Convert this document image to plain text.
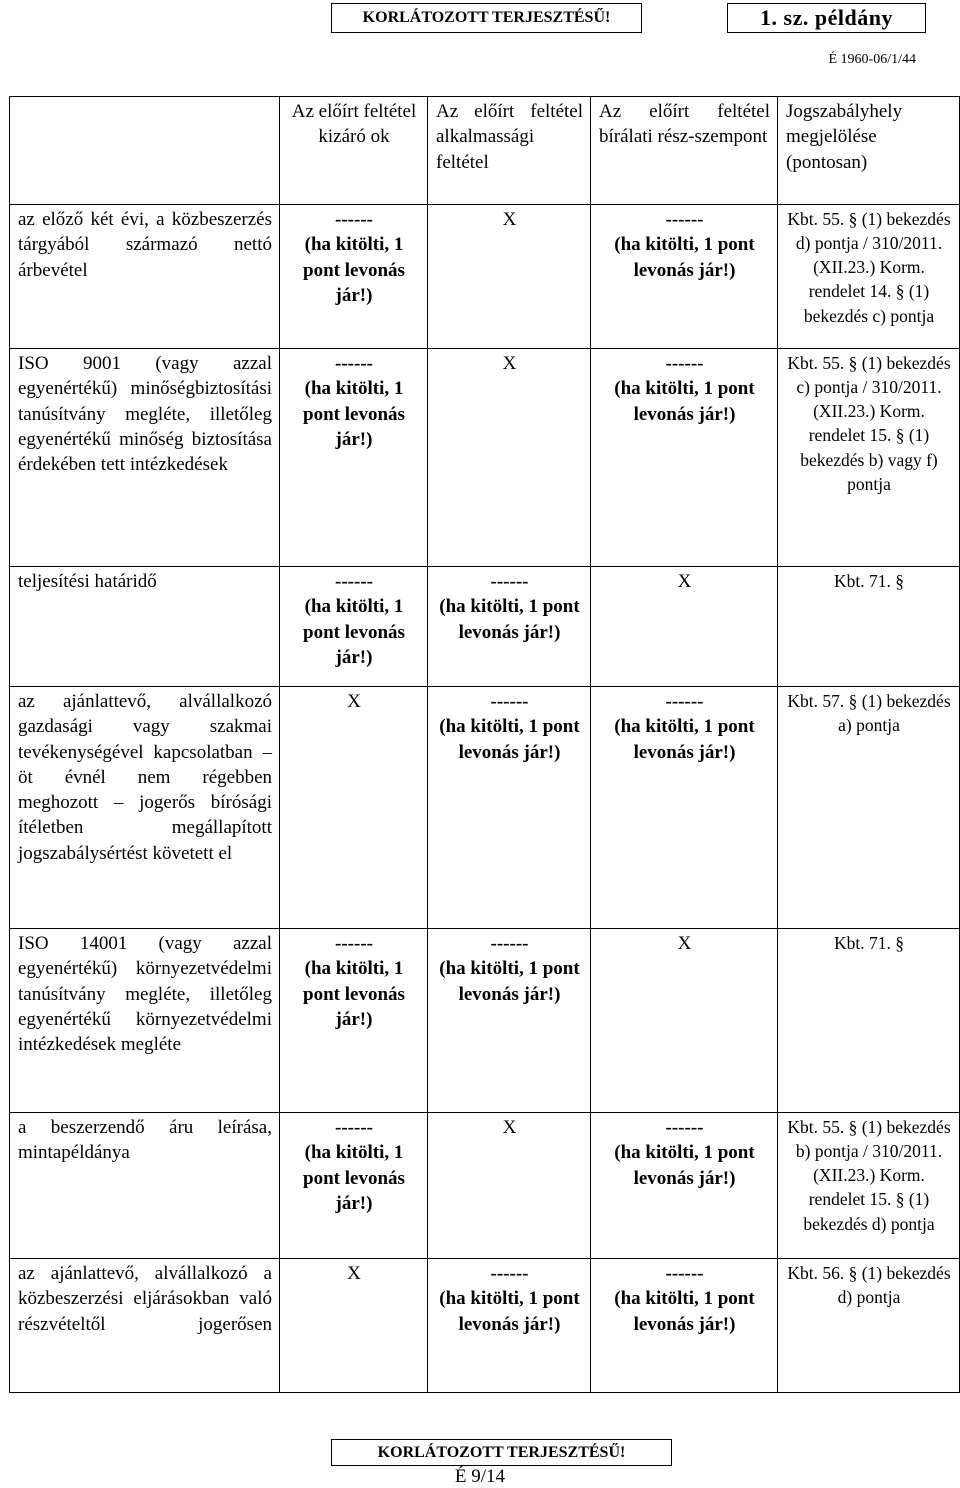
KORLÁTOZOTT TERJESZTÉSŰ!	1. sz. példány
É 1960-06/1/44
	Az előírt feltétel kizáró ok	Az előírt feltétel alkalmassági feltétel	Az előírt feltétel bírálati rész-szempont	Jogszabályhely megjelölése (pontosan)
az előző két évi, a közbeszerzés tárgyából származó nettó árbevétel	------
(ha kitölti, 1 pont levonás jár!)	X	------
(ha kitölti, 1 pont levonás jár!)	Kbt. 55. § (1) bekezdés d) pontja / 310/2011. (XII.23.) Korm. rendelet 14. § (1) bekezdés c) pontja
ISO 9001 (vagy azzal egyenértékű) minőségbiztosítási tanúsítvány megléte, illetőleg egyenértékű minőség biztosítása érdekében tett intézkedések	------
(ha kitölti, 1 pont levonás jár!)	X	------
(ha kitölti, 1 pont levonás jár!)	Kbt. 55. § (1) bekezdés c) pontja / 310/2011. (XII.23.) Korm. rendelet 15. § (1) bekezdés b) vagy f) pontja
teljesítési határidő	------
(ha kitölti, 1 pont levonás jár!)	------
(ha kitölti, 1 pont levonás jár!)	X	Kbt. 71. §
az ajánlattevő, alvállalkozó gazdasági vagy szakmai tevékenységével kapcsolatban – öt évnél nem régebben meghozott – jogerős bírósági ítéletben megállapított jogszabálysértést követett el	X	------
(ha kitölti, 1 pont levonás jár!)	------
(ha kitölti, 1 pont levonás jár!)	Kbt. 57. § (1) bekezdés a) pontja
ISO 14001 (vagy azzal egyenértékű) környezetvédelmi tanúsítvány megléte, illetőleg egyenértékű környezetvédelmi intézkedések megléte	------
(ha kitölti, 1 pont levonás jár!)	------
(ha kitölti, 1 pont levonás jár!)	X	Kbt. 71. §
a beszerzendő áru leírása, mintapéldánya	------
(ha kitölti, 1 pont levonás jár!)	X	------
(ha kitölti, 1 pont levonás jár!)	Kbt. 55. § (1) bekezdés b) pontja / 310/2011. (XII.23.) Korm. rendelet 15. § (1) bekezdés d) pontja
az ajánlattevő, alvállalkozó a közbeszerzési eljárásokban való részvételtől jogerősen	X	------
(ha kitölti, 1 pont levonás jár!)	------
(ha kitölti, 1 pont levonás jár!)	Kbt. 56. § (1) bekezdés d) pontja
KORLÁTOZOTT TERJESZTÉSŰ!
É 9/14
